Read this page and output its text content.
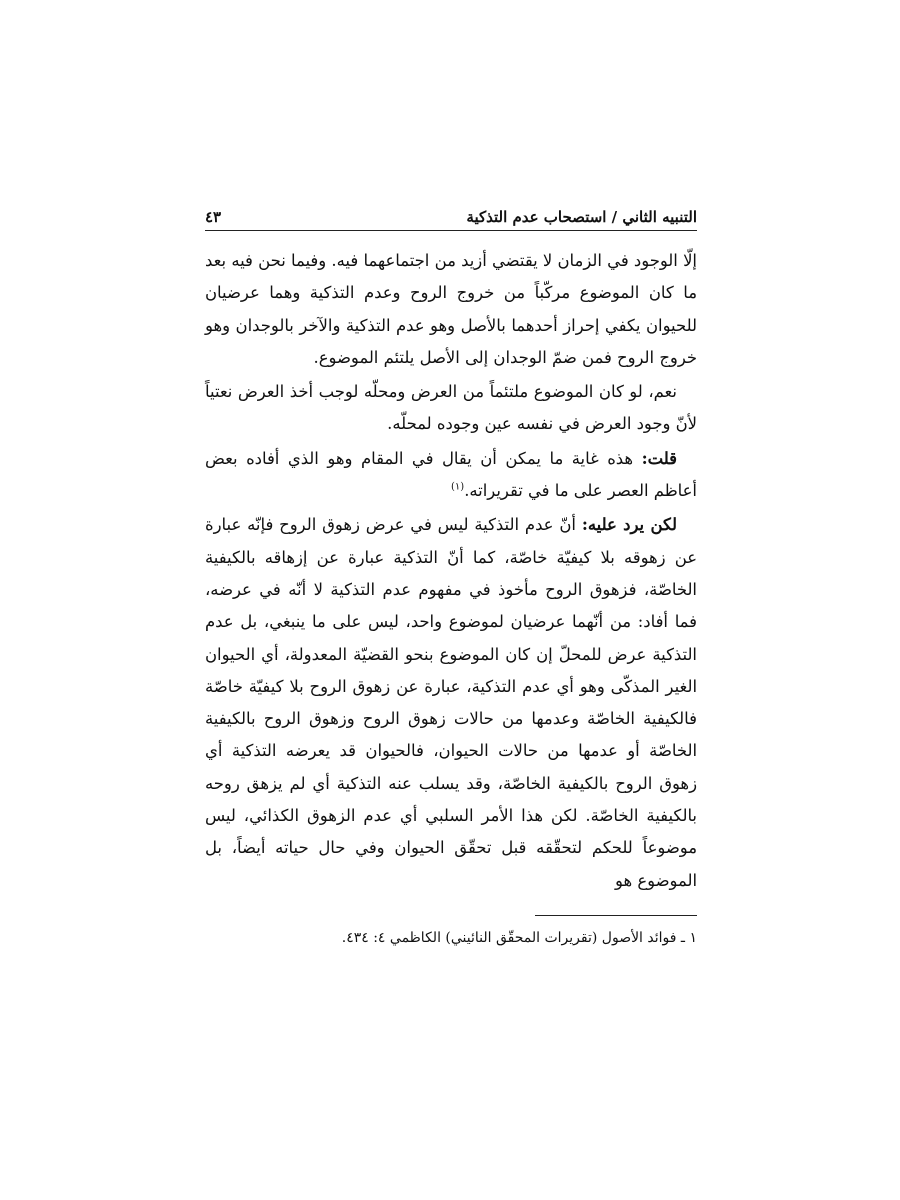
التنبيه الثاني / استصحاب عدم التذكية
٤٣

إلّا الوجود في الزمان لا يقتضي أزيد من اجتماعهما فيه. وفيما نحن فيه بعد ما كان الموضوع مركّباً من خروج الروح وعدم التذكية وهما عرضيان للحيوان يكفي إحراز أحدهما بالأصل وهو عدم التذكية والآخر بالوجدان وهو خروج الروح فمن ضمّ الوجدان إلى الأصل يلتئم الموضوع.

نعم، لو كان الموضوع ملتئماً من العرض ومحلّه لوجب أخذ العرض نعتياً لأنّ وجود العرض في نفسه عين وجوده لمحلّه.

قلت: هذه غاية ما يمكن أن يقال في المقام وهو الذي أفاده بعض أعاظم العصر على ما في تقريراته.$^{(١)}$

لكن يرد عليه: أنّ عدم التذكية ليس في عرض زهوق الروح فإنّه عبارة عن زهوقه بلا كيفيّة خاصّة، كما أنّ التذكية عبارة عن إزهاقه بالكيفية الخاصّة، فزهوق الروح مأخوذ في مفهوم عدم التذكية لا أنّه في عرضه، فما أفاد: من أنّهما عرضيان لموضوع واحد، ليس على ما ينبغي، بل عدم التذكية عرض للمحلّ إن كان الموضوع بنحو القضيّة المعدولة، أي الحيوان الغير المذكّى وهو أي عدم التذكية، عبارة عن زهوق الروح بلا كيفيّة خاصّة فالكيفية الخاصّة وعدمها من حالات زهوق الروح وزهوق الروح بالكيفية الخاصّة أو عدمها من حالات الحيوان، فالحيوان قد يعرضه التذكية أي زهوق الروح بالكيفية الخاصّة، وقد يسلب عنه التذكية أي لم يزهق روحه بالكيفية الخاصّة. لكن هذا الأمر السلبي أي عدم الزهوق الكذائي، ليس موضوعاً للحكم لتحقّقه قبل تحقّق الحيوان وفي حال حياته أيضاً، بل الموضوع هو

١ ـ فوائد الأصول (تقريرات المحقّق النائيني) الكاظمي ٤: ٤٣٤.
